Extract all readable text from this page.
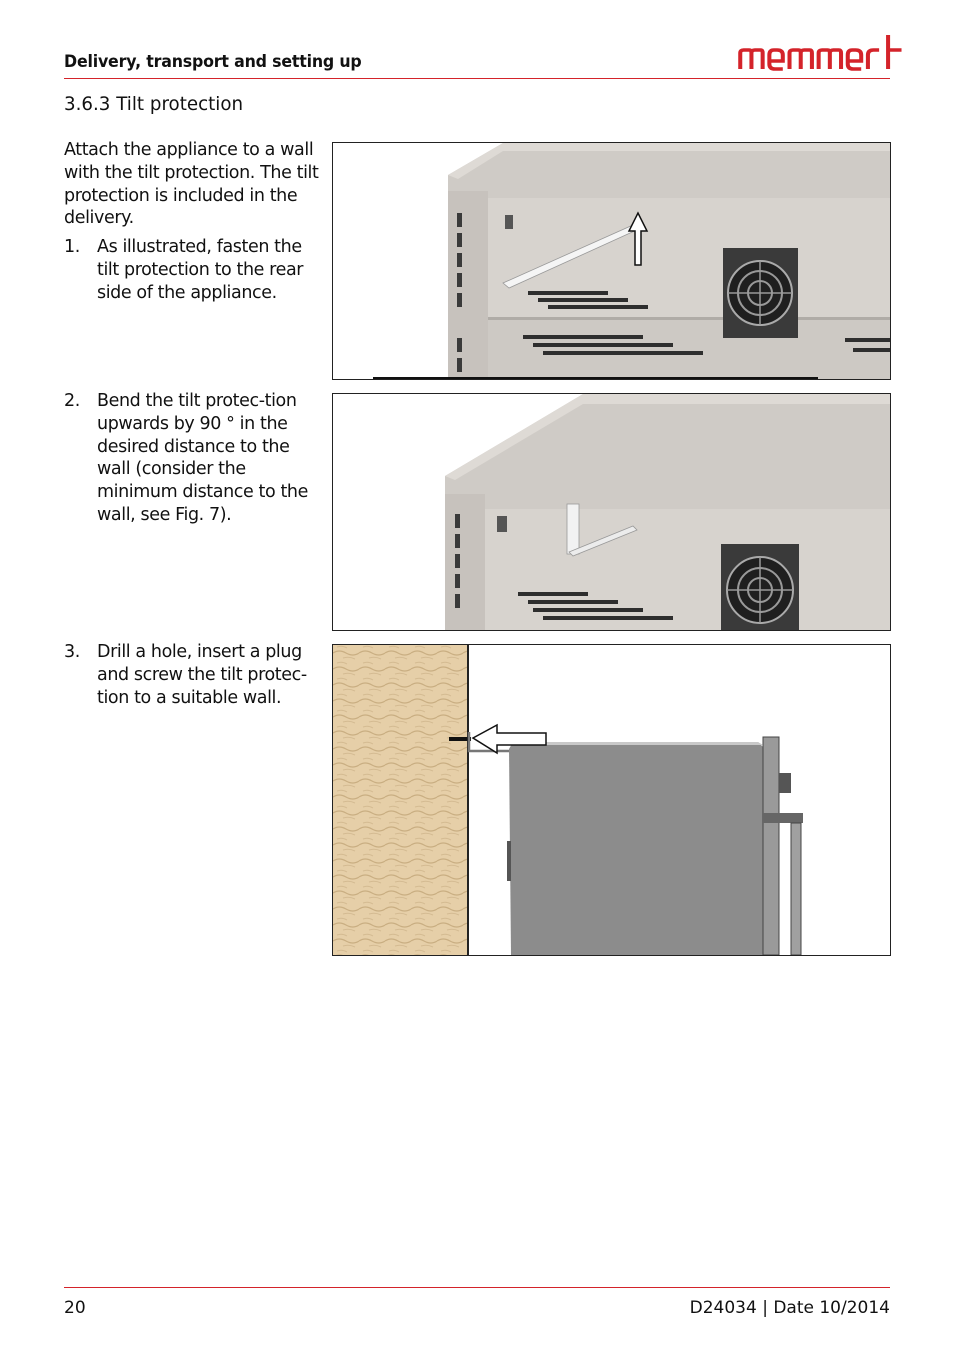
Delivery, transport and setting up
3.6.3 Tilt protection
Attach the appliance to a wall with the tilt protection. The tilt protection is included in the delivery.
1. As illustrated, fasten the tilt protection to the rear side of the appliance.
2. Bend the tilt protec-tion upwards by 90 ° in the desired distance to the wall (consider the minimum distance to the wall, see Fig. 7).
3. Drill a hole, insert a plug and screw the tilt protec-tion to a suitable wall.
20	D24034 | Date 10/2014
